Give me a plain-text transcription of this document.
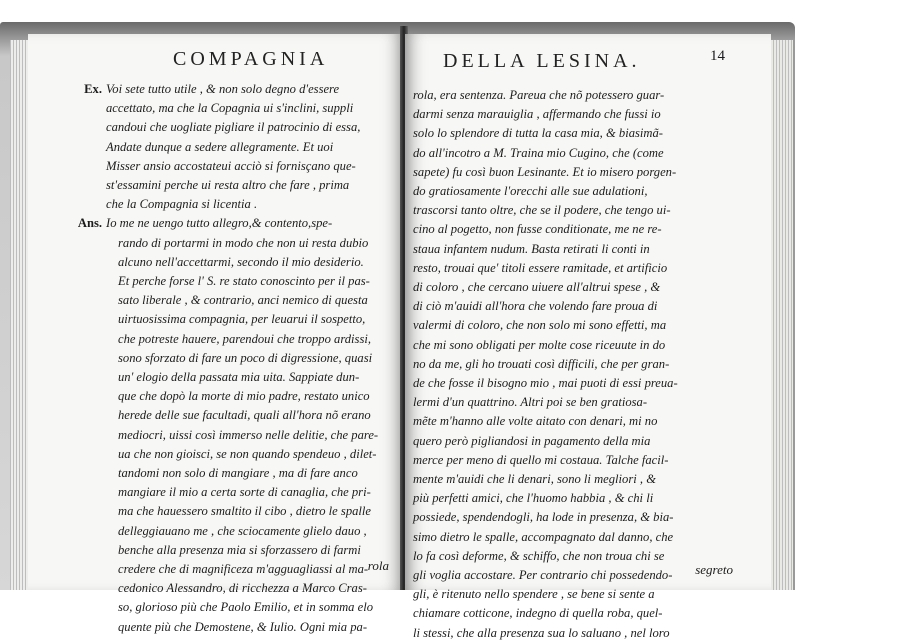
COMPAGNIA
Ex. Voi sete tutto utile , & non solo degno d'essere
accettato, ma che la Copagnia ui s'inclini, suppli
candoui che uogliate pigliare il patrocinio di essa,
Andate dunque a sedere allegramente. Et uoi
Misser ansio accostateui acciò si fornisçano que-
st'essamini perche ui resta altro che fare , prima
che la Compagnia si licentia .
Ans. Io me ne uengo tutto allegro,& contento,spe-
rando di portarmi in modo che non ui resta dubio
alcuno nell'accettarmi, secondo il mio desiderio.
Et perche forse l' S. re stato conoscinto per il pas-
sato liberale , & contrario, anci nemico di questa
uirtuosissima compagnia, per leuarui il sospetto,
che potreste hauere, parendoui che troppo ardissi,
sono sforzato di fare un poco di digressione, quasi
un' elogio della passata mia uita. Sappiate dun-
que che dopò la morte di mio padre, restato unico
herede delle sue facultadi, quali all'hora nõ erano
mediocri, uissi così immerso nelle delitie, che pare-
ua che non gioisci, se non quando spendeuo , dilet-
tandomi non solo di mangiare , ma di fare anco
mangiare il mio a certa sorte di canaglia, che pri-
ma che hauessero smaltito il cibo , dietro le spalle
delleggiauano me , che sciocamente glielo dauo ,
benche alla presenza mia si sforzassero di farmi
credere che di magnificeza m'agguagliassi al ma-
cedonico Alessandro, di ricchezza a Marco Cras-
so, glorioso più che Paolo Emilio, et in somma elo
quente più che Demostene, & Iulio. Ogni mia pa-
rola
DELLA LESINA.	14
rola, era sentenza. Pareua che nõ potessero guar-
darmi senza marauiglia , affermando che fussi io
solo lo splendore di tutta la casa mia, & biasimã-
do all'incotro a M. Traina mio Cugino, che (come
sapete) fu così buon Lesinante. Et io misero porgen-
do gratiosamente l'orecchi alle sue adulationi,
trascorsi tanto oltre, che se il podere, che tengo ui-
cino al pogetto, non fusse conditionate, me ne re-
staua infantem nudum. Basta retirati li conti in
resto, trouai que' titoli essere ramitade, et artificio
di coloro , che cercano uiuere all'altrui spese , &
di ciò m'auidi all'hora che volendo fare proua di
valermi di coloro, che non solo mi sono effetti, ma
che mi sono obligati per molte cose riceuute in do
no da me, gli ho trouati così difficili, che per gran-
de che fosse il bisogno mio , mai puoti di essi preua-
lermi d'un quattrino. Altri poi se ben gratiosa-
mẽte m'hanno alle volte aitato con denari, mi no
quero però pigliandosi in pagamento della mia
merce per meno di quello mi costaua. Talche facil-
mente m'auidi che li denari, sono li megliori , &
più perfetti amici, che l'huomo habbia , & chi li
possiede, spendendogli, ha lode in presenza, & bia-
simo dietro le spalle, accompagnato dal danno, che
lo fa così deforme, & schiffo, che non troua chi se
gli voglia accostare. Per contrario chi possedendo-
gli, è ritenuto nello spendere , se bene si sente a
chiamare cotticone, indegno di quella roba, quel-
li stessi, che alla presenza sua lo saluano , nel loro
segreto
